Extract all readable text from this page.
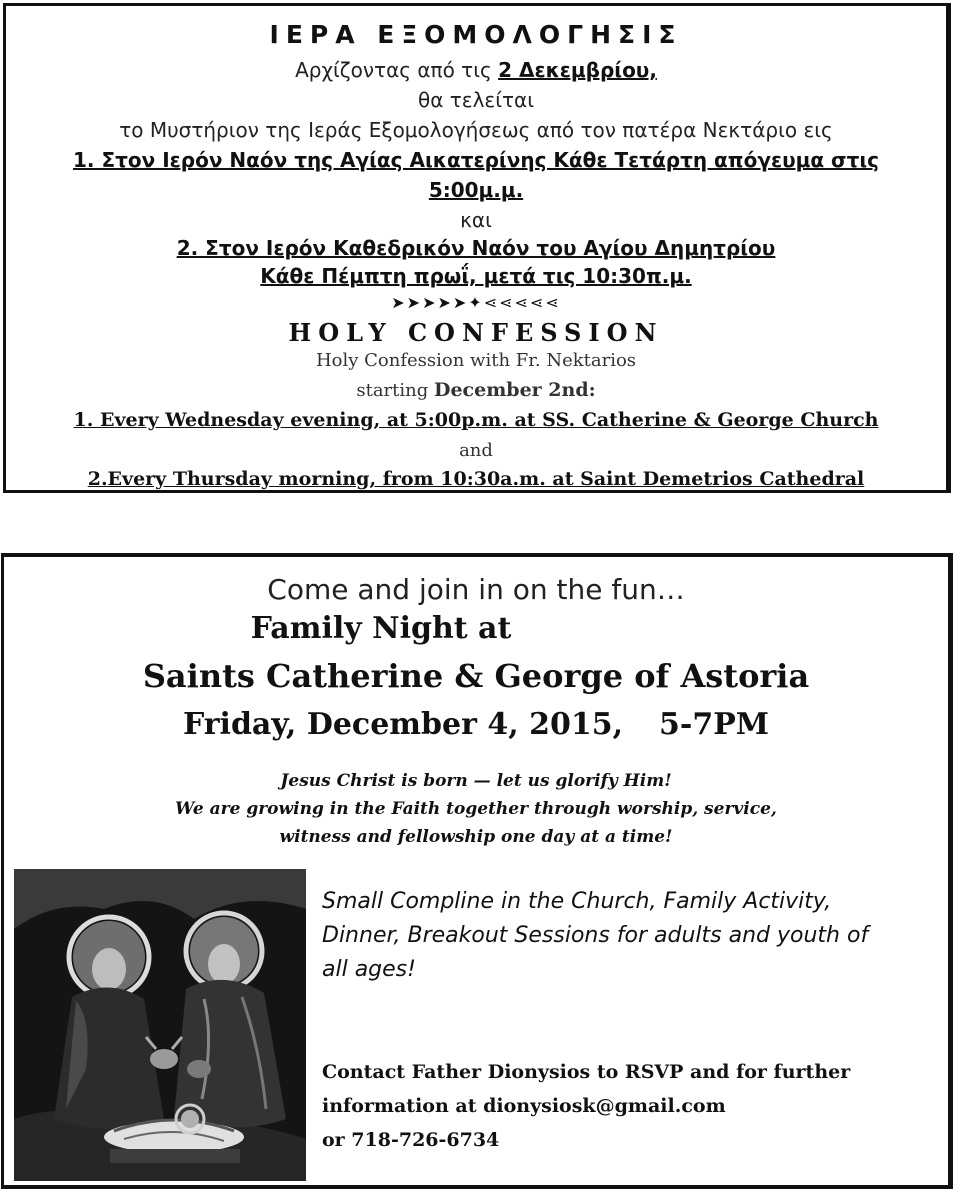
ΙΕΡΑ ΕΞΟΜΟΛΟΓΗΣΙΣ
Αρχίζοντας από τις 2 Δεκεμβρίου,
θα τελείται
το Μυστήριον της Ιεράς Εξομολογήσεως από τον πατέρα Νεκτάριο εις
1. Στον Ιερόν Ναόν της Αγίας Αικατερίνης Κάθε Τετάρτη απόγευμα στις
5:00μ.μ.
και
2. Στον Ιερόν Καθεδρικόν Ναόν του Αγίου Δημητρίου
Κάθε Πέμπτη πρωΐ, μετά τις 10:30π.μ.
➤➤➤➤➤✦⋖⋖⋖⋖⋖
HOLY CONFESSION
Holy Confession with Fr. Nektarios
starting December 2nd:
1. Every Wednesday evening, at 5:00p.m. at SS. Catherine & George Church
and
2.Every Thursday morning, from 10:30a.m. at Saint Demetrios Cathedral
Come and join in on the fun…
Family Night at
Saints Catherine & George of Astoria
Friday, December 4, 2015, 5-7PM
Jesus Christ is born — let us glorify Him!
We are growing in the Faith together through worship, service,
witness and fellowship one day at a time!
Small Compline in the Church, Family Activity, Dinner, Breakout Sessions for adults and youth of all ages!
Contact Father Dionysios to RSVP and for further
information at dionysiosk@gmail.com
or 718-726-6734
